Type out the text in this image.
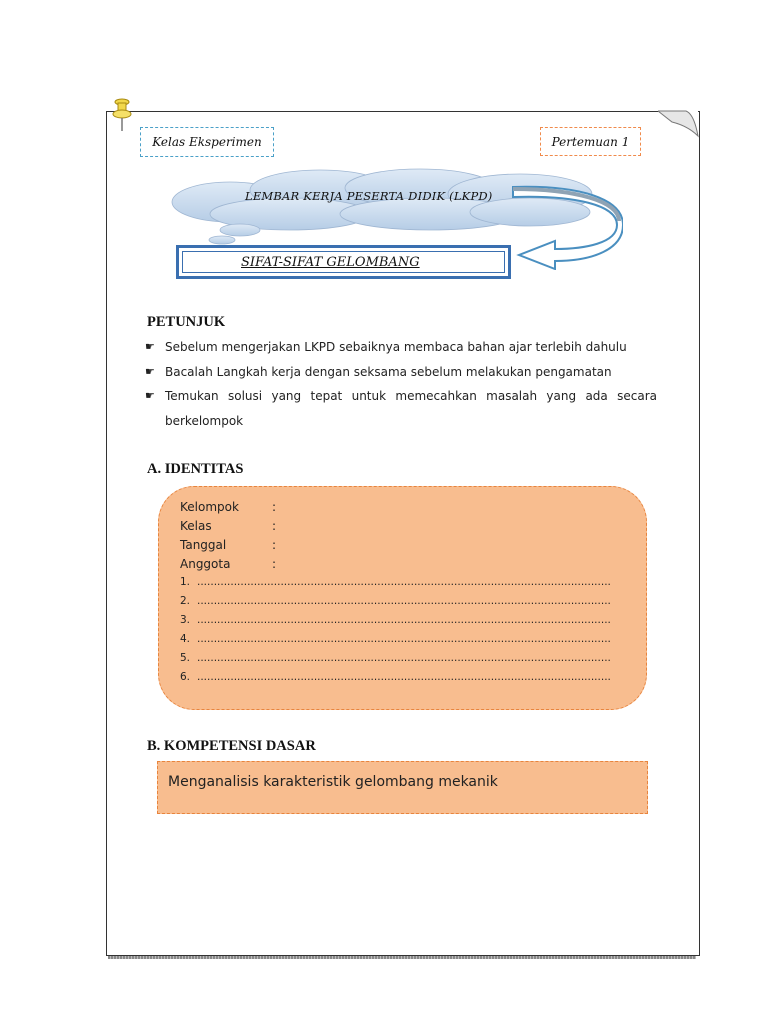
Kelas Eksperimen	Pertemuan 1
LEMBAR KERJA PESERTA DIDIK (LKPD)
SIFAT-SIFAT GELOMBANG
PETUNJUK
☛ Sebelum mengerjakan LKPD sebaiknya membaca bahan ajar terlebih dahulu
☛ Bacalah Langkah kerja dengan seksama sebelum melakukan pengamatan
☛ Temukan solusi yang tepat untuk memecahkan masalah yang ada secara berkelompok
A. IDENTITAS
Kelompok	:
Kelas	:
Tanggal	:
Anggota	:
1. ............................................................................................................................
2. ............................................................................................................................
3. ............................................................................................................................
4. ............................................................................................................................
5. ............................................................................................................................
6. ............................................................................................................................
B. KOMPETENSI DASAR
Menganalisis karakteristik gelombang mekanik
